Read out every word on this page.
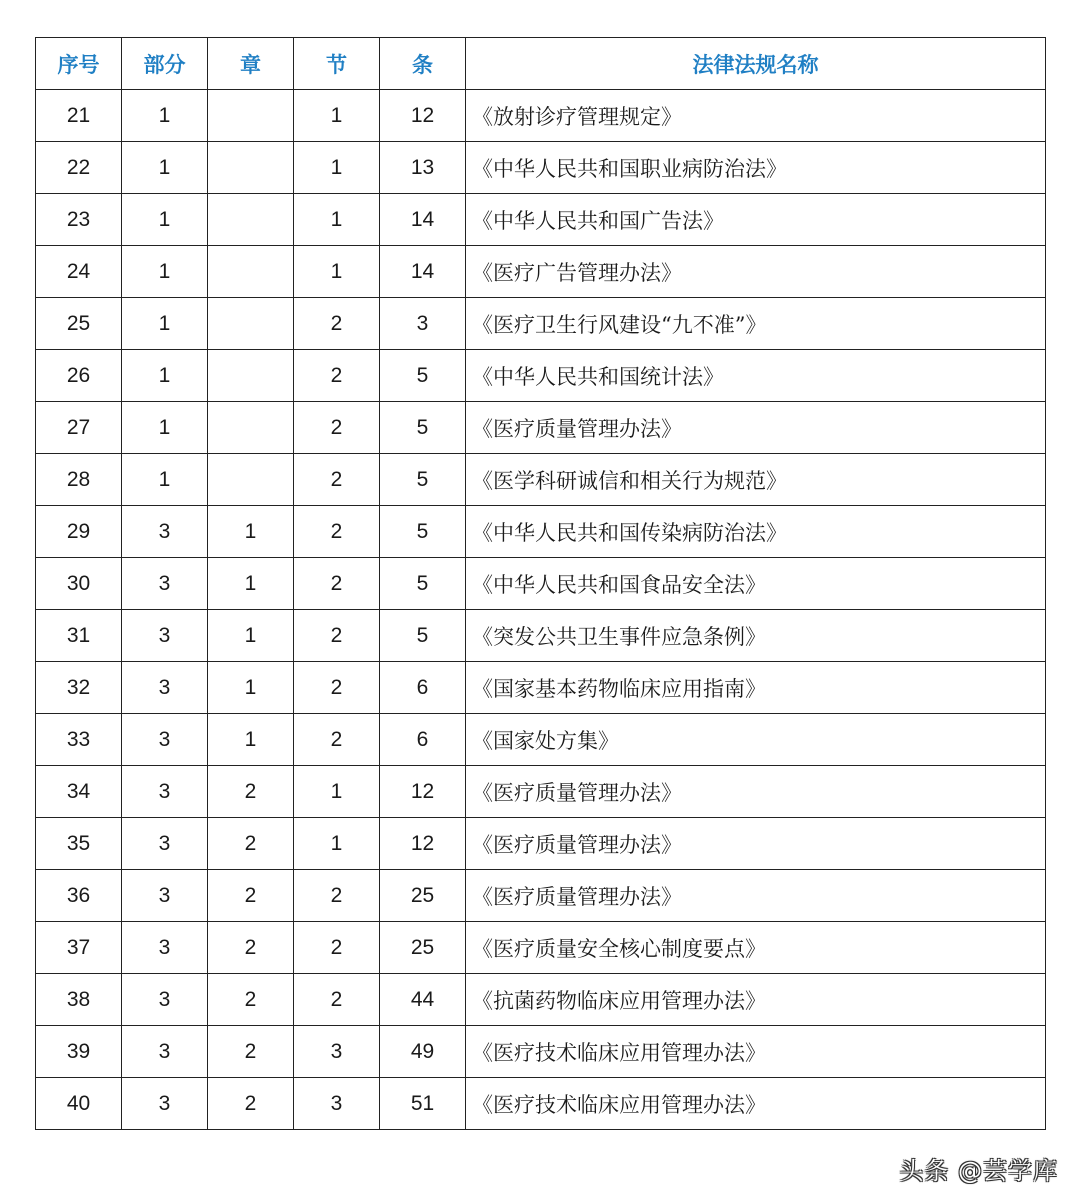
序号	部分	章	节	条	法律法规名称
21	1		1	12	《放射诊疗管理规定》
22	1		1	13	《中华人民共和国职业病防治法》
23	1		1	14	《中华人民共和国广告法》
24	1		1	14	《医疗广告管理办法》
25	1		2	3	《医疗卫生行风建设“九不准”》
26	1		2	5	《中华人民共和国统计法》
27	1		2	5	《医疗质量管理办法》
28	1		2	5	《医学科研诚信和相关行为规范》
29	3	1	2	5	《中华人民共和国传染病防治法》
30	3	1	2	5	《中华人民共和国食品安全法》
31	3	1	2	5	《突发公共卫生事件应急条例》
32	3	1	2	6	《国家基本药物临床应用指南》
33	3	1	2	6	《国家处方集》
34	3	2	1	12	《医疗质量管理办法》
35	3	2	1	12	《医疗质量管理办法》
36	3	2	2	25	《医疗质量管理办法》
37	3	2	2	25	《医疗质量安全核心制度要点》
38	3	2	2	44	《抗菌药物临床应用管理办法》
39	3	2	3	49	《医疗技术临床应用管理办法》
40	3	2	3	51	《医疗技术临床应用管理办法》
头条 @芸学库
